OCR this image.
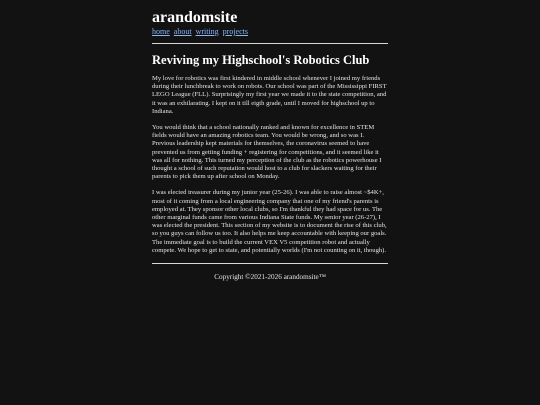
arandomsite
home about writing projects
Reviving my Highschool's Robotics Club

My love for robotics was first kindered in middle school whenever I joined my friends during their lunchbreak to work on robots. Our school was part of the Mississippi FIRST LEGO League (FLL). Surprisingly my first year we made it to the state competition, and it was an exhilarating. I kept on it till eigth grade, until I moved for highschool up to Indiana.

You would think that a school nationally ranked and known for excellence in STEM fields would have an amazing robotics team. You would be wrong, and so was I. Previous leadership kept materials for themselves, the coronavirus seemed to have prevented us from getting funding + registering for competitions, and it seemed like it was all for nothing. This turned my perception of the club as the robotics powerhouse I thought a school of such reputation would host to a club for slackers waiting for their parents to pick them up after school on Monday.

I was elected treasurer during my junior year (25-26). I was able to raise almost ~$4K+, most of it coming from a local engineering company that one of my friend's parents is employed at. They sponsor other local clubs, so I'm thankful they had space for us. The other marginal funds came from various Indiana State funds. My senior year (26-27), I was elected the president. This section of my website is to document the rise of this club, so you guys can follow us too. It also helps me keep accountable with keeping our goals. The immediate goal is to build the current VEX V5 competition robot and actually compete. We hope to get to state, and potentially worlds (I'm not counting on it, though).

Copyright ©2021-2026 arandomsite™
